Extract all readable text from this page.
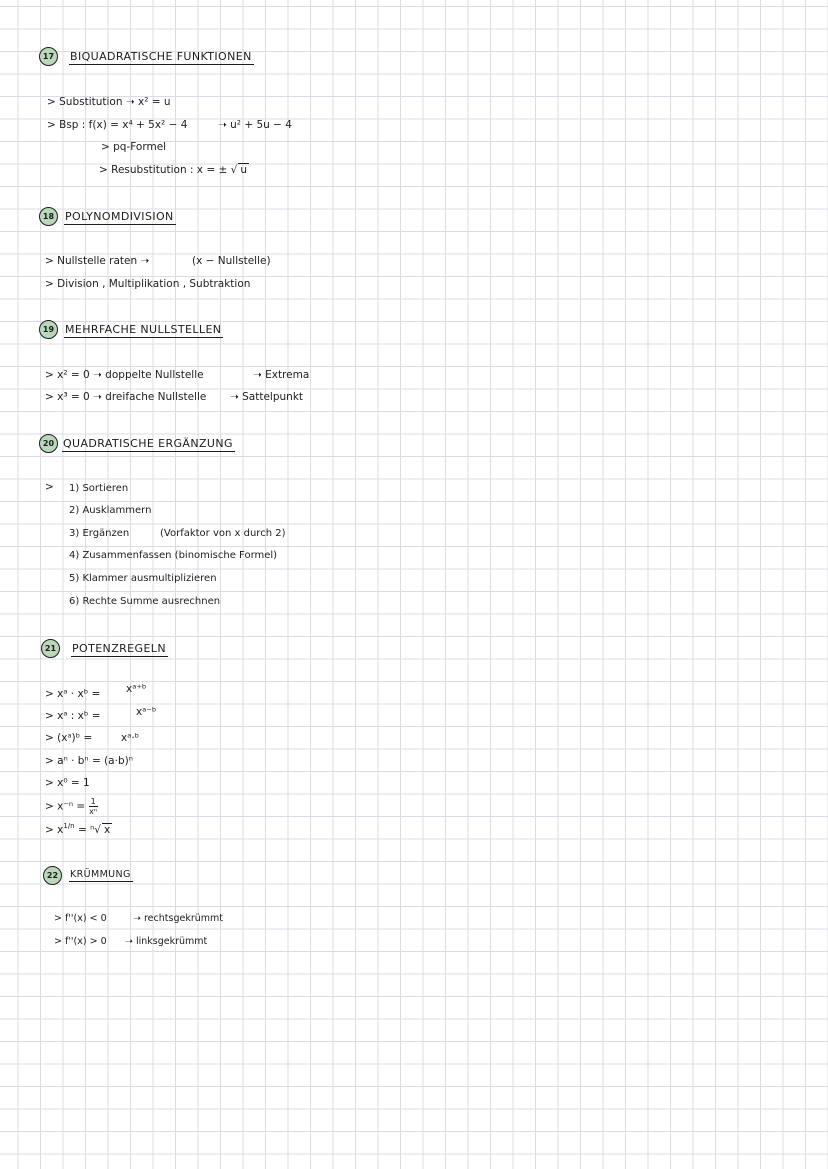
17	BIQUADRATISCHE FUNKTIONEN
> Substitution ➝ x² = u
> Bsp : f(x) = x⁴ + 5x² − 4	➝ u² + 5u − 4
> pq-Formel
> Resubstitution : x = ± √ u
18 POLYNOMDIVISION
> Nullstelle raten ➝	(x − Nullstelle)
> Division , Multiplikation , Subtraktion
19 MEHRFACHE NULLSTELLEN
> x² = 0 ➝ doppelte Nullstelle	➝ Extrema
> x³ = 0 ➝ dreifache Nullstelle ➝ Sattelpunkt
20 QUADRATISCHE ERGÄNZUNG
> 1) Sortieren
2) Ausklammern
3) Ergänzen	(Vorfaktor von x durch 2)
4) Zusammenfassen (binomische Formel)
5) Klammer ausmultiplizieren
6) Rechte Summe ausrechnen
21	POTENZREGELN
> xᵃ · xᵇ = xᵃ⁺ᵇ
> xᵃ : xᵇ =	xᵃ⁻ᵇ
> (xᵃ)ᵇ =	xᵃ·ᵇ
> aⁿ · bⁿ = (a·b)ⁿ
> x⁰ = 1
> $x^{-n} = \frac{1}{\text{xⁿ}}$
> $x^{1/n} = ^n√$ x
22	KRÜMMUNG
> f''(x) < 0	➝ rechtsgekrümmt
> f''(x) > 0 ➝ linksgekrümmt
